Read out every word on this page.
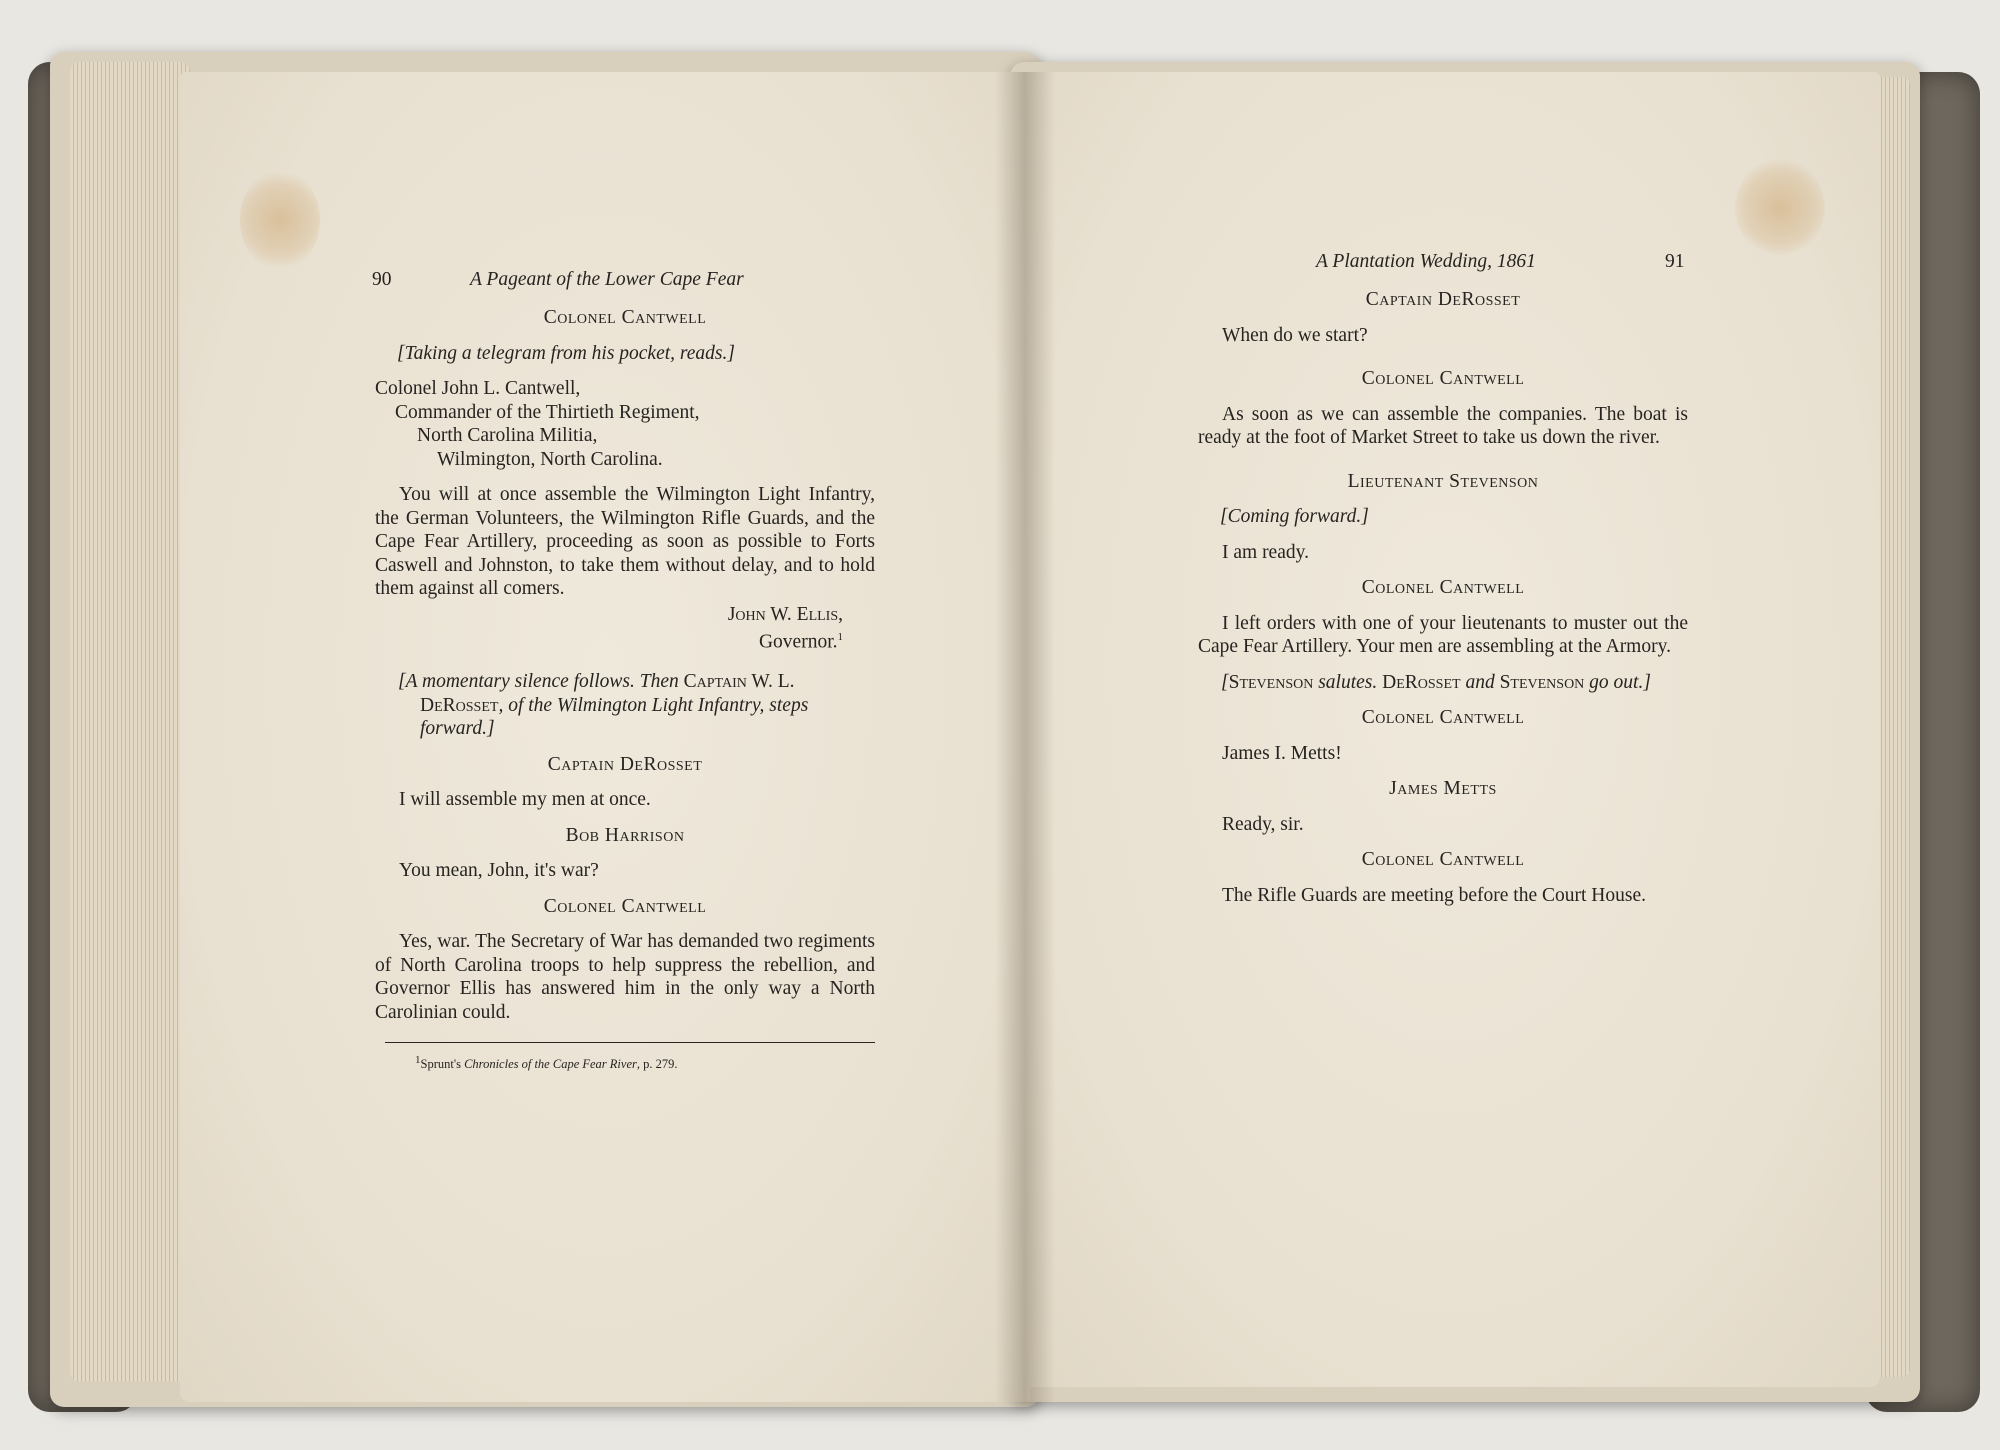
90	A Pageant of the Lower Cape Fear
Colonel Cantwell

[Taking a telegram from his pocket, reads.]

Colonel John L. Cantwell,
Commander of the Thirtieth Regiment,
North Carolina Militia,
Wilmington, North Carolina.

You will at once assemble the Wilmington Light Infantry, the German Volunteers, the Wilmington Rifle Guards, and the Cape Fear Artillery, proceeding as soon as possible to Forts Caswell and Johnston, to take them without delay, and to hold them against all comers.

John W. Ellis,
Governor.$^1$

[A momentary silence follows. Then Captain W. L. DeRosset, of the Wilmington Light Infantry, steps forward.]

Captain DeRosset

I will assemble my men at once.

Bob Harrison

You mean, John, it's war?

Colonel Cantwell

Yes, war. The Secretary of War has demanded two regiments of North Carolina troops to help suppress the rebellion, and Governor Ellis has answered him in the only way a North Carolinian could.

$^1$Sprunt's Chronicles of the Cape Fear River, p. 279.
A Plantation Wedding, 1861	91
Captain DeRosset

When do we start?

Colonel Cantwell

As soon as we can assemble the companies. The boat is ready at the foot of Market Street to take us down the river.

Lieutenant Stevenson

[Coming forward.]

I am ready.

Colonel Cantwell

I left orders with one of your lieutenants to muster out the Cape Fear Artillery. Your men are assembling at the Armory.

[Stevenson salutes. DeRosset and Stevenson go out.]

Colonel Cantwell

James I. Metts!

James Metts

Ready, sir.

Colonel Cantwell

The Rifle Guards are meeting before the Court House.
